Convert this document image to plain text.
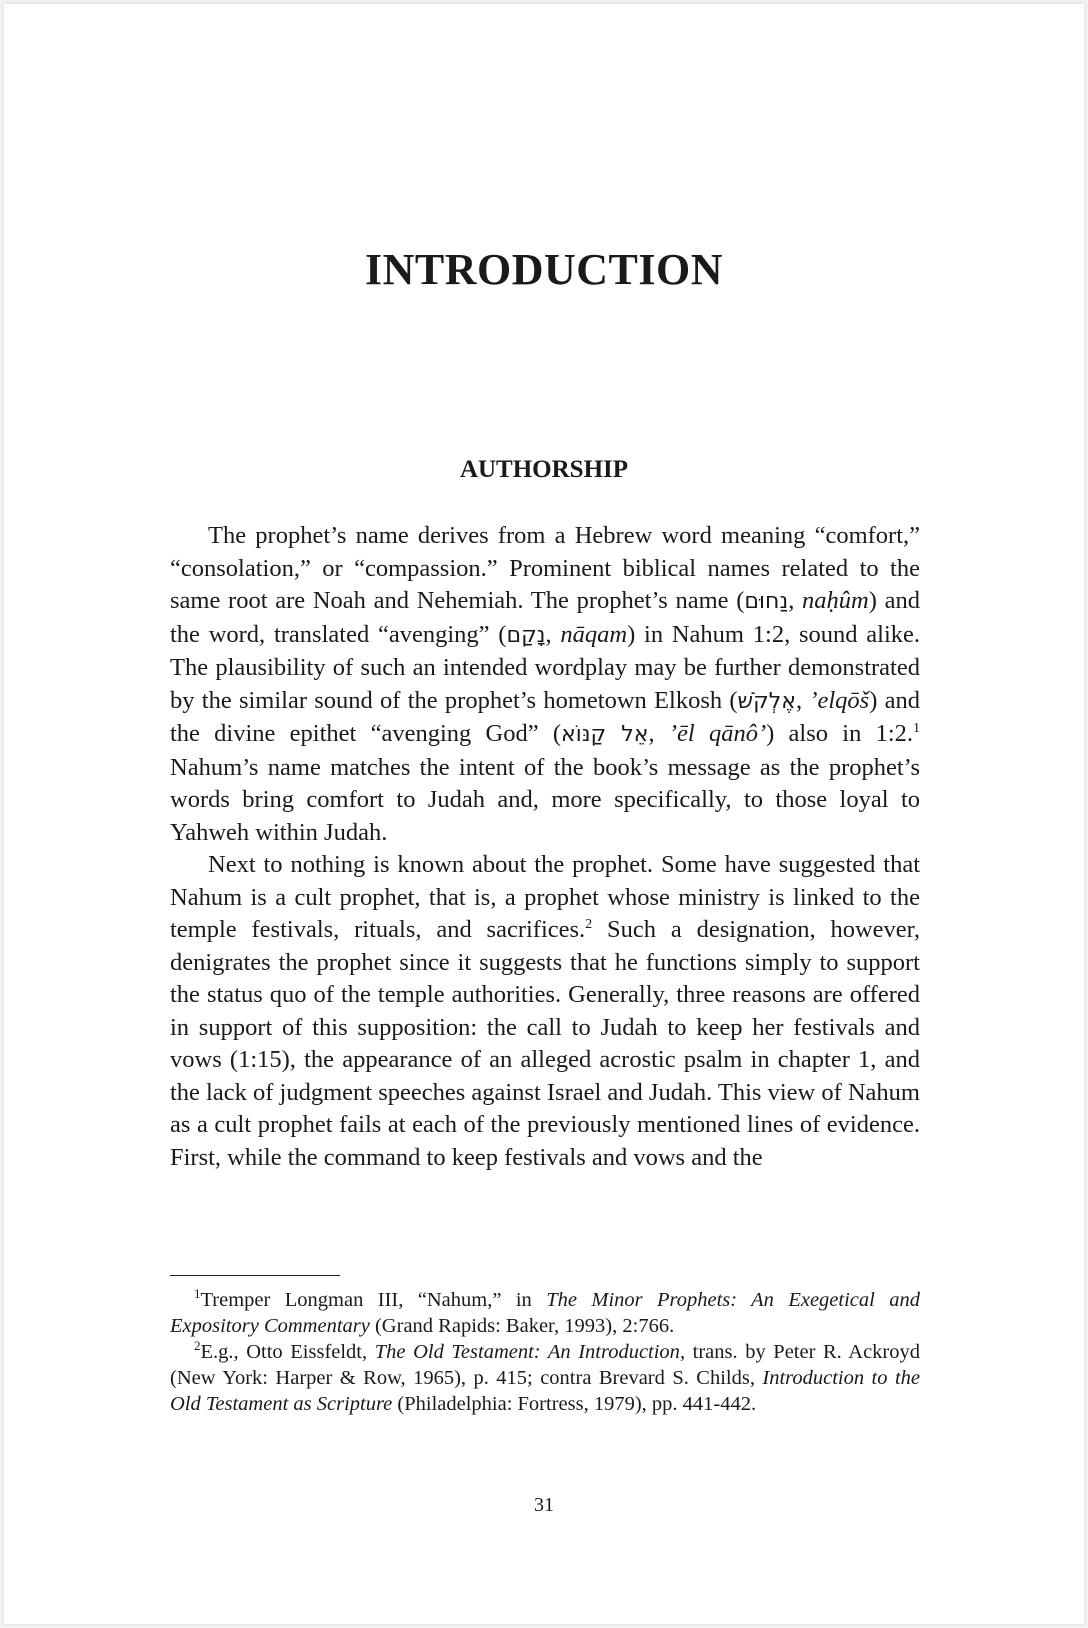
INTRODUCTION
AUTHORSHIP

The prophet’s name derives from a Hebrew word meaning “comfort,” “consolation,” or “compassion.” Prominent biblical names related to the same root are Noah and Nehemiah. The prophet’s name (נַחוּם, naḥûm) and the word, translated “avenging” (נָקַם, nāqam) in Nahum 1:2, sound alike. The plausibility of such an intended wordplay may be further demonstrated by the similar sound of the prophet’s hometown Elkosh (אֶלְקֹשׁ, ’elqōš) and the divine epithet “avenging God” (אֵל קַנּוֹא, ’ēl qānô’) also in 1:2.$^1$ Nahum’s name matches the intent of the book’s message as the prophet’s words bring comfort to Judah and, more specifically, to those loyal to Yahweh within Judah.

Next to nothing is known about the prophet. Some have suggested that Nahum is a cult prophet, that is, a prophet whose ministry is linked to the temple festivals, rituals, and sacrifices.$^2$ Such a designation, however, denigrates the prophet since it suggests that he functions simply to support the status quo of the temple authorities. Generally, three reasons are offered in support of this supposition: the call to Judah to keep her festivals and vows (1:15), the appearance of an alleged acrostic psalm in chapter 1, and the lack of judgment speeches against Israel and Judah. This view of Nahum as a cult prophet fails at each of the previously mentioned lines of evidence. First, while the command to keep festivals and vows and the

$^1$Tremper Longman III, “Nahum,” in The Minor Prophets: An Exegetical and Expository Commentary (Grand Rapids: Baker, 1993), 2:766.

$^2$E.g., Otto Eissfeldt, The Old Testament: An Introduction, trans. by Peter R. Ackroyd (New York: Harper & Row, 1965), p. 415; contra Brevard S. Childs, Introduction to the Old Testament as Scripture (Philadelphia: Fortress, 1979), pp. 441-442.

31
